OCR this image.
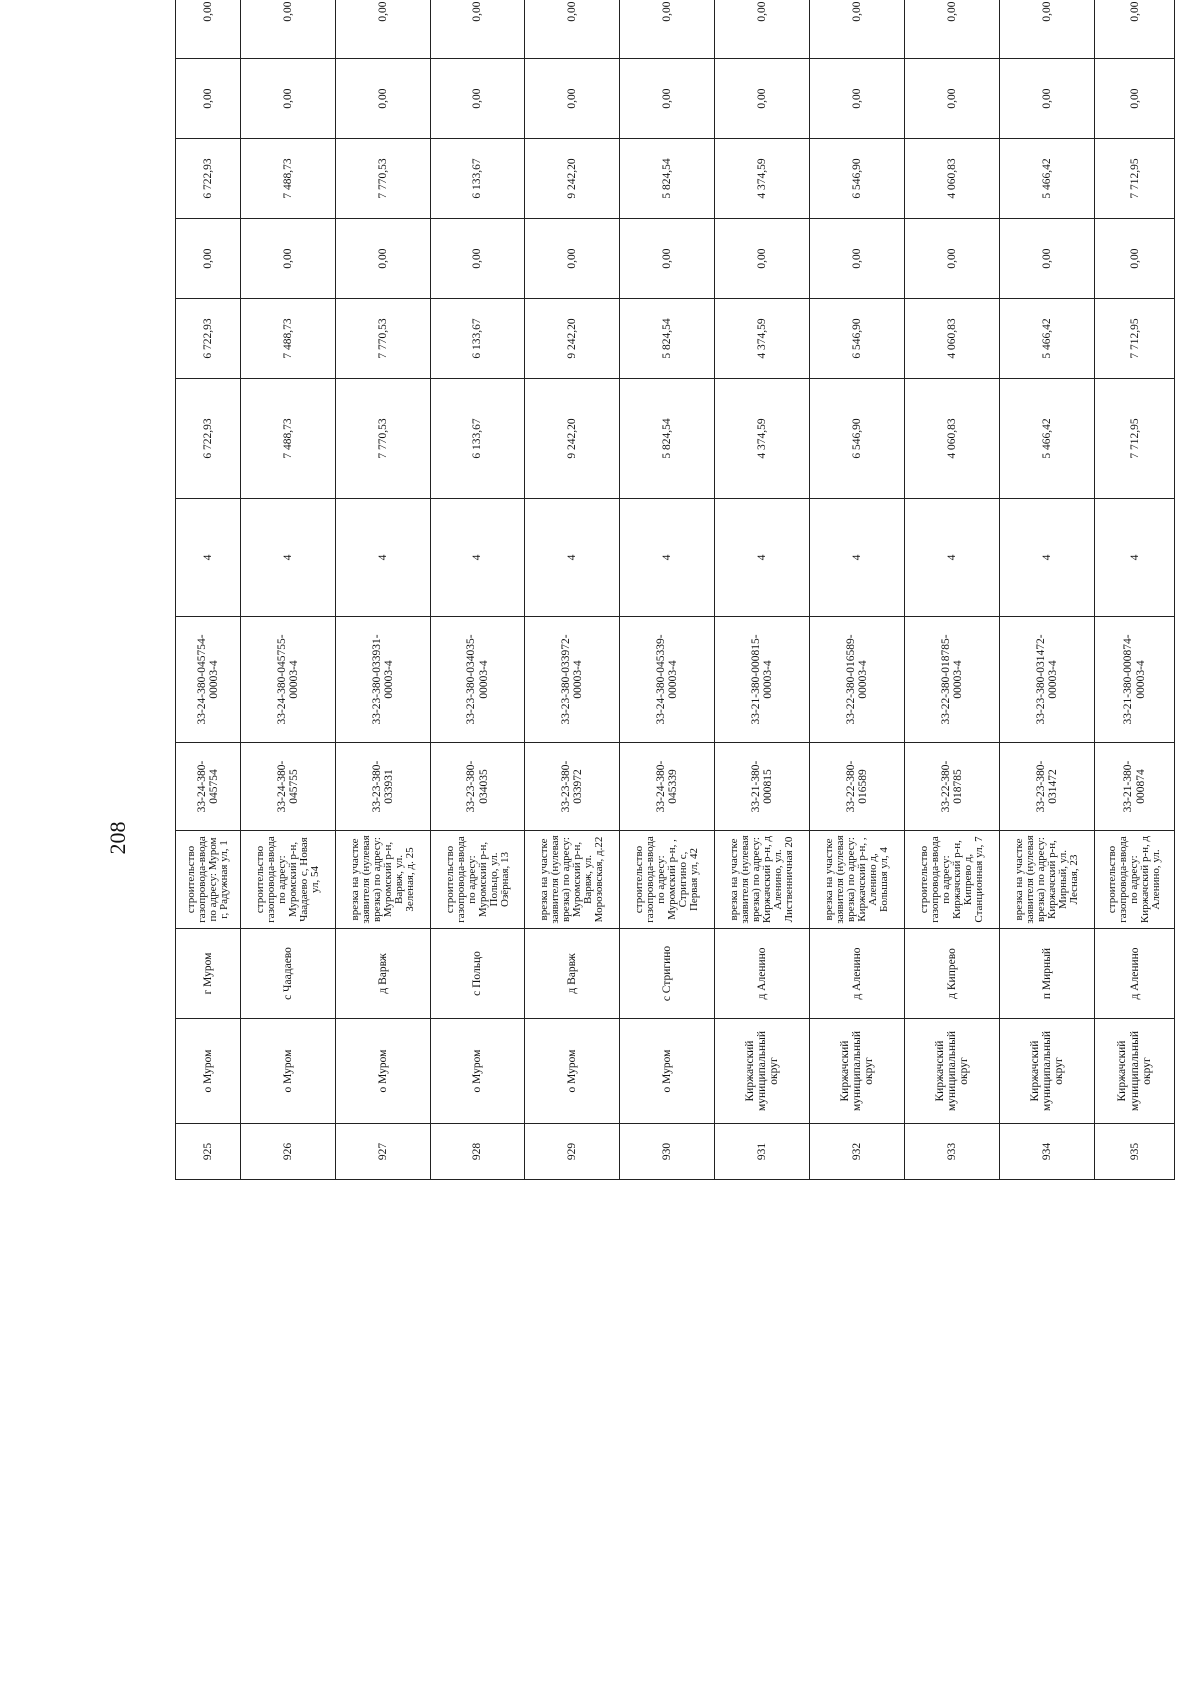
208
925	о Муром	г Муром	строительство газопровода-ввода по адресу: Муром г, Радужная ул, 1	33-24-380-045754	33-24-380-045754-00003-4	4	6 722,93	6 722,93	0,00	6 722,93	0,00	0,00
926	о Муром	с Чаадаево	строительство газопровода-ввода по адресу: Муромский р-н, Чаадаево с, Новая ул, 54	33-24-380-045755	33-24-380-045755-00003-4	4	7 488,73	7 488,73	0,00	7 488,73	0,00	0,00
927	о Муром	д Варвж	врезка на участке заявителя (нулевая врезка) по адресу: Муромский р-н, Варвж, ул. Зеленая, д. 25	33-23-380-033931	33-23-380-033931-00003-4	4	7 770,53	7 770,53	0,00	7 770,53	0,00	0,00
928	о Муром	с Польцо	строительство газопровода-ввода по адресу: Муромский р-н, Польцо, ул. Озёрная, 13	33-23-380-034035	33-23-380-034035-00003-4	4	6 133,67	6 133,67	0,00	6 133,67	0,00	0,00
929	о Муром	д Варвж	врезка на участке заявителя (нулевая врезка) по адресу: Муромский р-н, Варвж, ул. Морозовская, д.22	33-23-380-033972	33-23-380-033972-00003-4	4	9 242,20	9 242,20	0,00	9 242,20	0,00	0,00
930	о Муром	с Стригино	строительство газопровода-ввода по адресу: Муромский р-н, , Стригино с, Первая ул, 42	33-24-380-045339	33-24-380-045339-00003-4	4	5 824,54	5 824,54	0,00	5 824,54	0,00	0,00
931	Киржачский муниципальный округ	д Аленино	врезка на участке заявителя (нулевая врезка) по адресу: Киржачский р-н, д Аленино, ул. Лиственничная 20	33-21-380-000815	33-21-380-000815-00003-4	4	4 374,59	4 374,59	0,00	4 374,59	0,00	0,00
932	Киржачский муниципальный округ	д Аленино	врезка на участке заявителя (нулевая врезка) по адресу: Киржачский р-н, , Аленино д, Большая ул, 4	33-22-380-016589	33-22-380-016589-00003-4	4	6 546,90	6 546,90	0,00	6 546,90	0,00	0,00
933	Киржачский муниципальный округ	д Кипрево	строительство газопровода-ввода по адресу: Киржачский р-н, Кипрево д, Станционная ул, 7	33-22-380-018785	33-22-380-018785-00003-4	4	4 060,83	4 060,83	0,00	4 060,83	0,00	0,00
934	Киржачский муниципальный округ	п Мирный	врезка на участке заявителя (нулевая врезка) по адресу: Киржачский р-н, Мирный, ул. Лесная, 23	33-23-380-031472	33-23-380-031472-00003-4	4	5 466,42	5 466,42	0,00	5 466,42	0,00	0,00
935	Киржачский муниципальный округ	д Аленино	строительство газопровода-ввода по адресу: Киржачский р-н, д Аленино, ул.	33-21-380-000874	33-21-380-000874-00003-4	4	7 712,95	7 712,95	0,00	7 712,95	0,00	0,00
